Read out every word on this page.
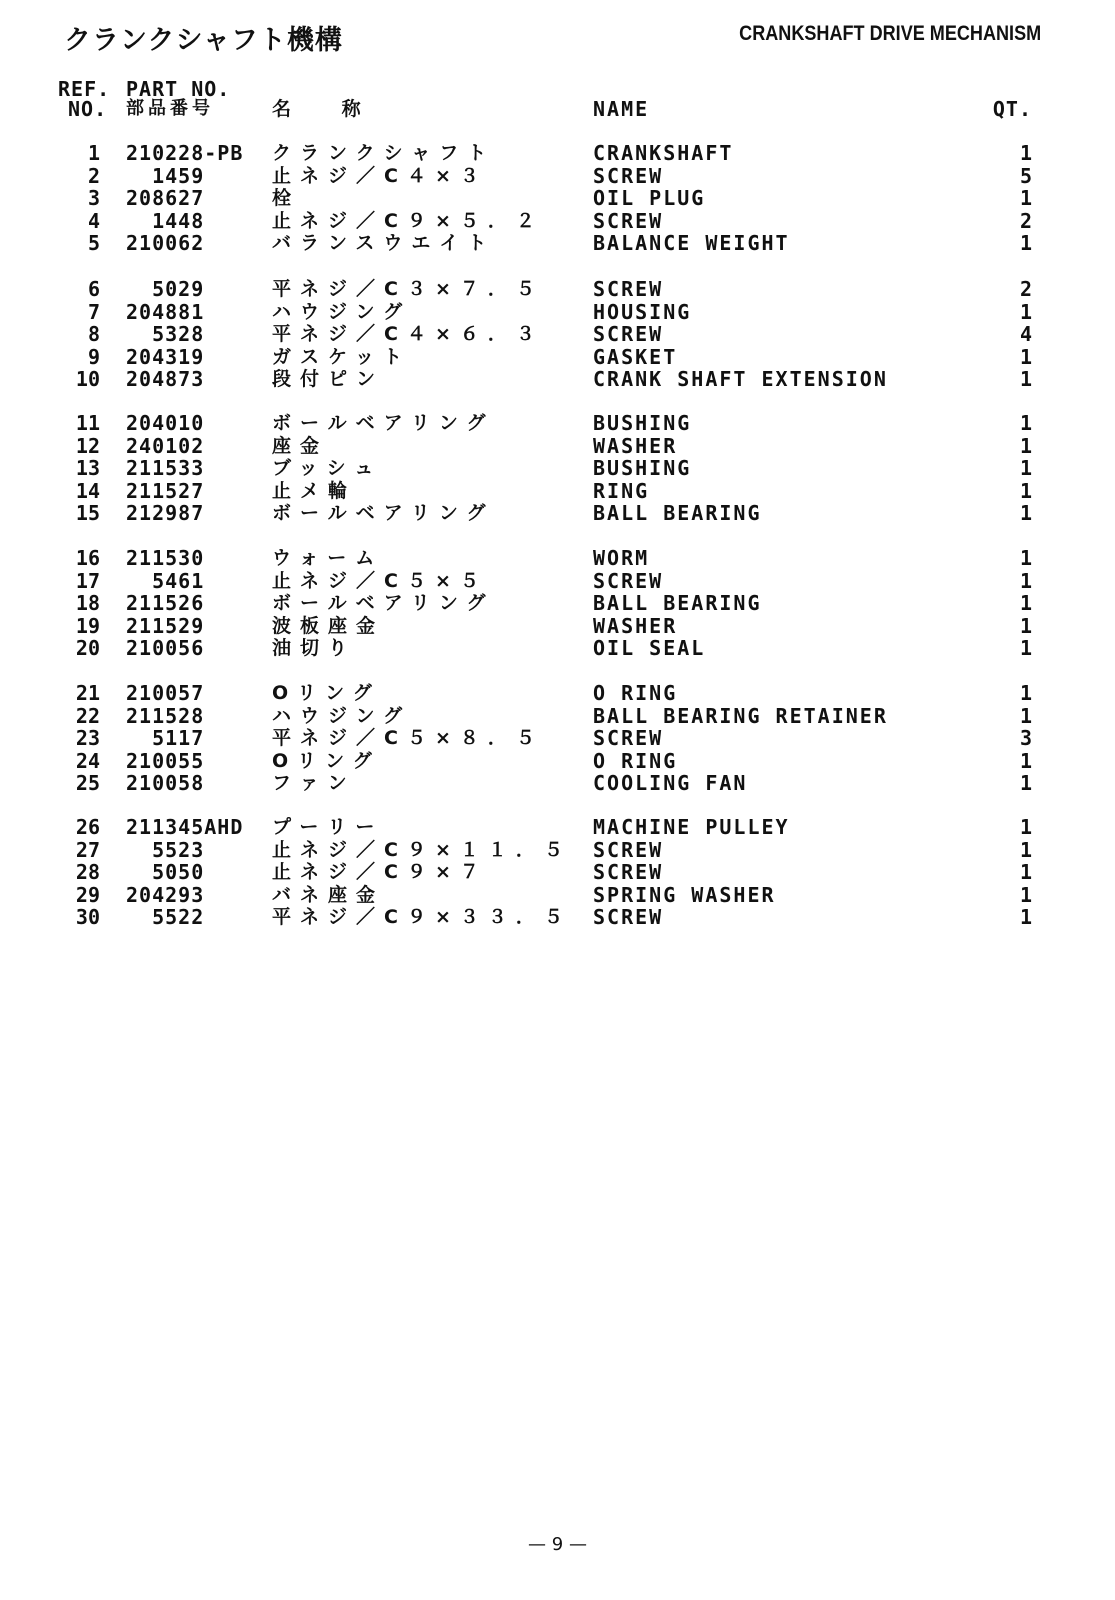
クランクシャフト機構	CRANKSHAFT DRIVE MECHANISM
REF. PART NO.
NO. 部品番号	名 称	NAME	QT.
1 210228-PB クランクシャフト	CRANKSHAFT	1
2 1459	止ネジ／C４×３	SCREW	5
3 208627	栓	OIL PLUG	1
4 1448	止ネジ／C９×５．２ SCREW	2
5 210062	バランスウエイト	BALANCE WEIGHT	1
6 5029	平ネジ／C３×７．５ SCREW	2
7 204881	ハウジング	HOUSING	1
8 5328	平ネジ／C４×６．３ SCREW	4
9 204319	ガスケット	GASKET	1
10 204873	段付ピン	CRANK SHAFT EXTENSION	1
11 204010	ボールベアリング	BUSHING	1
12 240102	座金	WASHER	1
13 211533	ブッシュ	BUSHING	1
14 211527	止メ輪	RING	1
15 212987	ボールベアリング	BALL BEARING	1
16 211530	ウォーム	WORM	1
17 5461	止ネジ／C５×５	SCREW	1
18 211526	ボールベアリング	BALL BEARING	1
19 211529	波板座金	WASHER	1
20 210056	油切り	OIL SEAL	1
21 210057	Oリング	O RING	1
22 211528	ハウジング	BALL BEARING RETAINER	1
23 5117	平ネジ／C５×８．５ SCREW	3
24 210055	Oリング	O RING	1
25 210058	ファン	COOLING FAN	1
26 211345AHD プーリー	MACHINE PULLEY	1
27 5523	止ネジ／C９×１１．５ SCREW	1
28 5050	止ネジ／C９×７	SCREW	1
29 204293	バネ座金	SPRING WASHER	1
30 5522	平ネジ／C９×３３．５ SCREW	1
— 9 —
